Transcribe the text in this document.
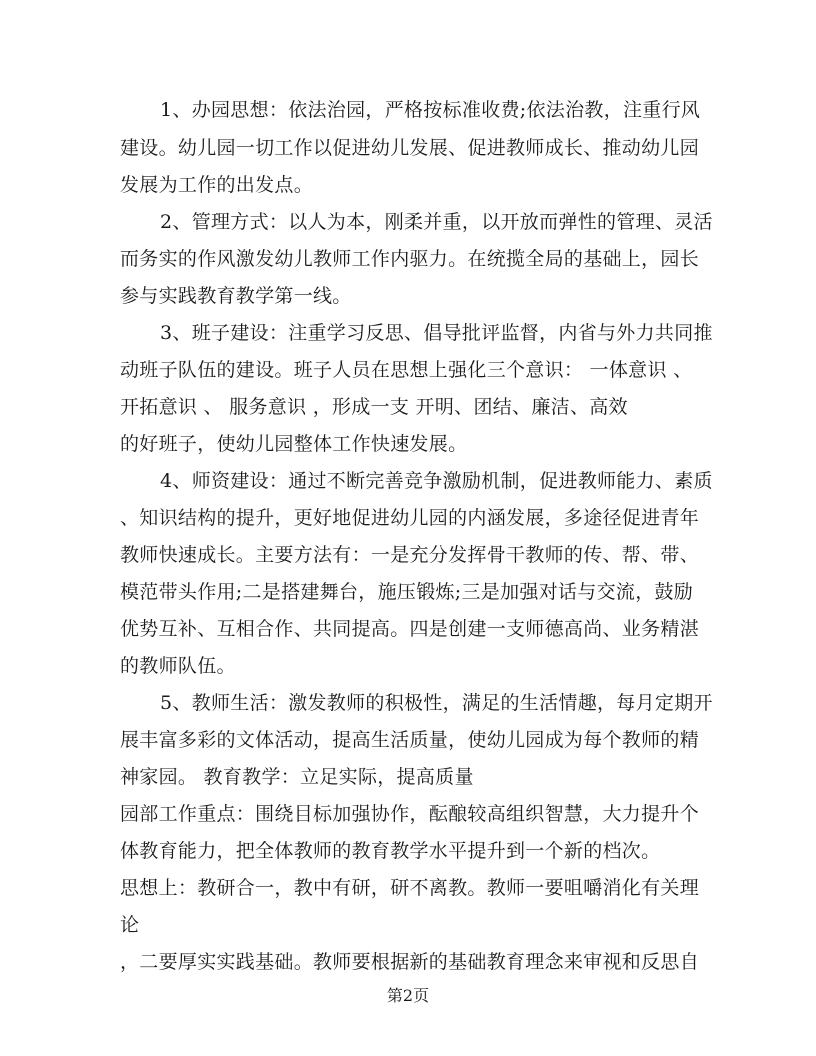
1、办园思想：依法治园，严格按标准收费;依法治教，注重行风
建设。幼儿园一切工作以促进幼儿发展、促进教师成长、推动幼儿园
发展为工作的出发点。
2、管理方式：以人为本，刚柔并重，以开放而弹性的管理、灵活
而务实的作风激发幼儿教师工作内驱力。在统揽全局的基础上，园长
参与实践教育教学第一线。
3、班子建设：注重学习反思、倡导批评监督，内省与外力共同推
动班子队伍的建设。班子人员在思想上强化三个意识： 一体意识 、
开拓意识 、 服务意识 ，形成一支 开明、团结、廉洁、高效
的好班子，使幼儿园整体工作快速发展。
4、师资建设：通过不断完善竞争激励机制，促进教师能力、素质
、知识结构的提升，更好地促进幼儿园的内涵发展，多途径促进青年
教师快速成长。主要方法有：一是充分发挥骨干教师的传、帮、带、
模范带头作用;二是搭建舞台，施压锻炼;三是加强对话与交流，鼓励
优势互补、互相合作、共同提高。四是创建一支师德高尚、业务精湛
的教师队伍。
5、教师生活：激发教师的积极性，满足的生活情趣，每月定期开
展丰富多彩的文体活动，提高生活质量，使幼儿园成为每个教师的精
神家园。 教育教学：立足实际，提高质量
园部工作重点：围绕目标加强协作，酝酿较高组织智慧，大力提升个
体教育能力，把全体教师的教育教学水平提升到一个新的档次。
思想上：教研合一，教中有研，研不离教。教师一要咀嚼消化有关理
论
，二要厚实实践基础。教师要根据新的基础教育理念来审视和反思自
第2页
